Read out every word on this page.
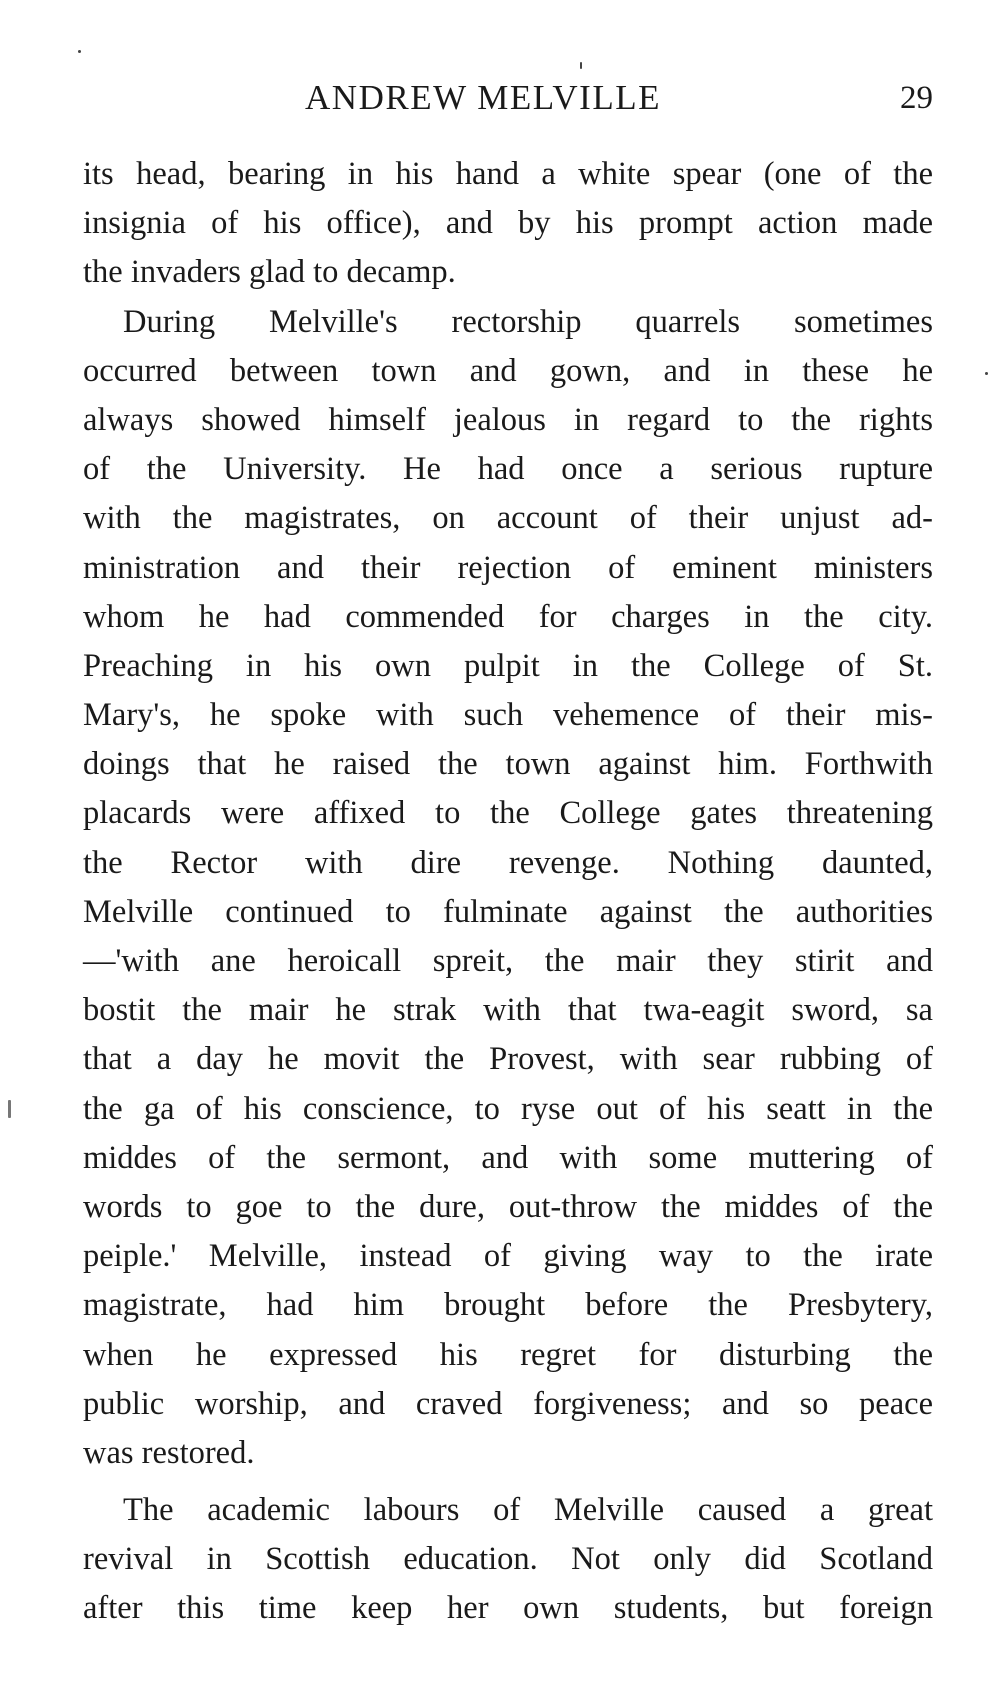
ANDREW MELVILLE	29

its head, bearing in his hand a white spear (one of the
insignia of his office), and by his prompt action made
the invaders glad to decamp.

During Melville's rectorship quarrels sometimes
occurred between town and gown, and in these he
always showed himself jealous in regard to the rights
of the University. He had once a serious rupture
with the magistrates, on account of their unjust ad-
ministration and their rejection of eminent ministers
whom he had commended for charges in the city.
Preaching in his own pulpit in the College of St.
Mary's, he spoke with such vehemence of their mis-
doings that he raised the town against him. Forthwith
placards were affixed to the College gates threatening
the Rector with dire revenge. Nothing daunted,
Melville continued to fulminate against the authorities
—'with ane heroicall spreit, the mair they stirit and
bostit the mair he strak with that twa-eagit sword, sa
that a day he movit the Provest, with sear rubbing of
the ga of his conscience, to ryse out of his seatt in the
middes of the sermont, and with some muttering of
words to goe to the dure, out-throw the middes of the
peiple.' Melville, instead of giving way to the irate
magistrate, had him brought before the Presbytery,
when he expressed his regret for disturbing the
public worship, and craved forgiveness; and so peace
was restored.

The academic labours of Melville caused a great
revival in Scottish education. Not only did Scotland
after this time keep her own students, but foreign
